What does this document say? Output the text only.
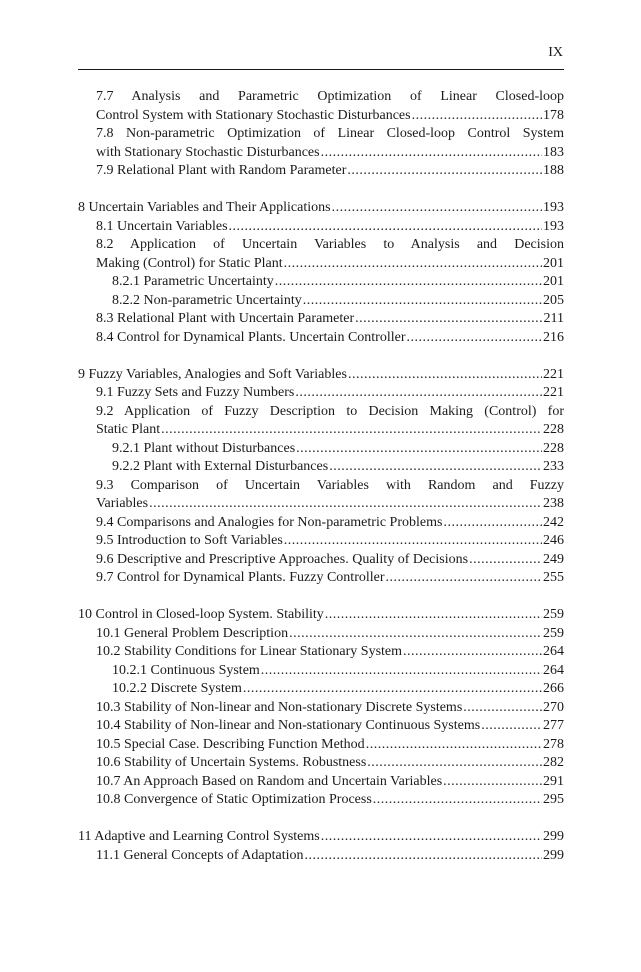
IX
7.7 Analysis and Parametric Optimization of Linear Closed-loop
Control System with Stationary Stochastic Disturbances .....	178
7.8 Non-parametric Optimization of Linear Closed-loop Control System
with Stationary Stochastic Disturbances .....	183
7.9 Relational Plant with Random Parameter .....	188
8 Uncertain Variables and Their Applications .....	193
8.1 Uncertain Variables .....	193
8.2 Application of Uncertain Variables to Analysis and Decision
Making (Control) for Static Plant .....	201
8.2.1 Parametric Uncertainty .....	201
8.2.2 Non-parametric Uncertainty .....	205
8.3 Relational Plant with Uncertain Parameter .....	211
8.4 Control for Dynamical Plants. Uncertain Controller .....	216
9 Fuzzy Variables, Analogies and Soft Variables .....	221
9.1 Fuzzy Sets and Fuzzy Numbers .....	221
9.2 Application of Fuzzy Description to Decision Making (Control) for
Static Plant .....	228
9.2.1 Plant without Disturbances .....	228
9.2.2 Plant with External Disturbances .....	233
9.3 Comparison of Uncertain Variables with Random and Fuzzy
Variables .....	238
9.4 Comparisons and Analogies for Non-parametric Problems .....	242
9.5 Introduction to Soft Variables .....	246
9.6 Descriptive and Prescriptive Approaches. Quality of Decisions .....	249
9.7 Control for Dynamical Plants. Fuzzy Controller .....	255
10 Control in Closed-loop System. Stability .....	259
10.1 General Problem Description .....	259
10.2 Stability Conditions for Linear Stationary System .....	264
10.2.1 Continuous System .....	264
10.2.2 Discrete System .....	266
10.3 Stability of Non-linear and Non-stationary Discrete Systems .....	270
10.4 Stability of Non-linear and Non-stationary Continuous Systems .....	277
10.5 Special Case. Describing Function Method .....	278
10.6 Stability of Uncertain Systems. Robustness .....	282
10.7 An Approach Based on Random and Uncertain Variables .....	291
10.8 Convergence of Static Optimization Process .....	295
11 Adaptive and Learning Control Systems .....	299
11.1 General Concepts of Adaptation .....	299
